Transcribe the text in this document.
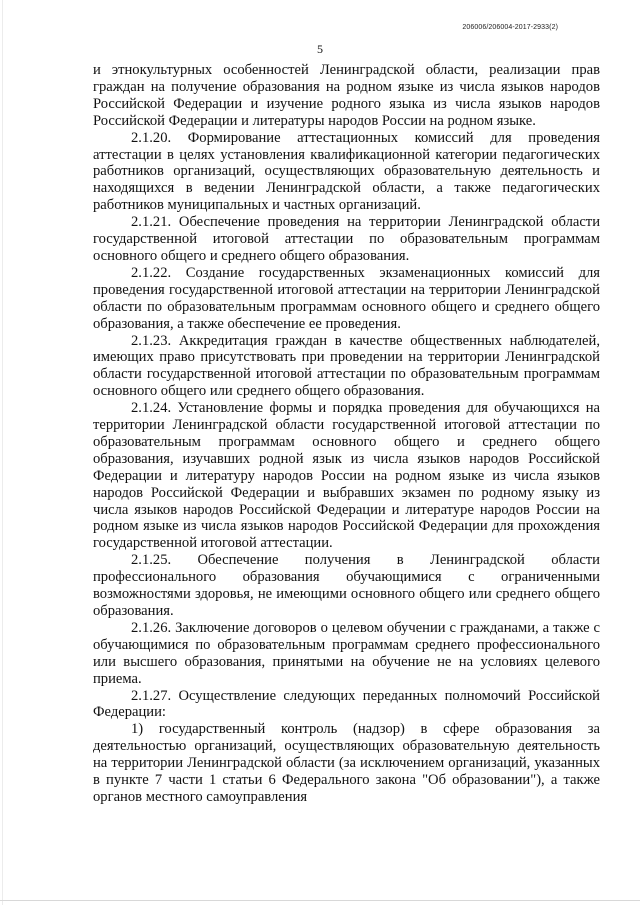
206006/206004-2017-2933(2)
5

и этнокультурных особенностей Ленинградской области, реализации прав граждан на получение образования на родном языке из числа языков народов Российской Федерации и изучение родного языка из числа языков народов Российской Федерации и литературы народов России на родном языке.

2.1.20. Формирование аттестационных комиссий для проведения аттестации в целях установления квалификационной категории педагогических работников организаций, осуществляющих образовательную деятельность и находящихся в ведении Ленинградской области, а также педагогических работников муниципальных и частных организаций.

2.1.21. Обеспечение проведения на территории Ленинградской области государственной итоговой аттестации по образовательным программам основного общего и среднего общего образования.

2.1.22. Создание государственных экзаменационных комиссий для проведения государственной итоговой аттестации на территории Ленинградской области по образовательным программам основного общего и среднего общего образования, а также обеспечение ее проведения.

2.1.23. Аккредитация граждан в качестве общественных наблюдателей, имеющих право присутствовать при проведении на территории Ленинградской области государственной итоговой аттестации по образовательным программам основного общего или среднего общего образования.

2.1.24. Установление формы и порядка проведения для обучающихся на территории Ленинградской области государственной итоговой аттестации по образовательным программам основного общего и среднего общего образования, изучавших родной язык из числа языков народов Российской Федерации и литературу народов России на родном языке из числа языков народов Российской Федерации и выбравших экзамен по родному языку из числа языков народов Российской Федерации и литературе народов России на родном языке из числа языков народов Российской Федерации для прохождения государственной итоговой аттестации.

2.1.25. Обеспечение получения в Ленинградской области профессионального образования обучающимися с ограниченными возможностями здоровья, не имеющими основного общего или среднего общего образования.

2.1.26. Заключение договоров о целевом обучении с гражданами, а также с обучающимися по образовательным программам среднего профессионального или высшего образования, принятыми на обучение не на условиях целевого приема.

2.1.27. Осуществление следующих переданных полномочий Российской Федерации:

1) государственный контроль (надзор) в сфере образования за деятельностью организаций, осуществляющих образовательную деятельность на территории Ленинградской области (за исключением организаций, указанных в пункте 7 части 1 статьи 6 Федерального закона "Об образовании"), а также органов местного самоуправления
